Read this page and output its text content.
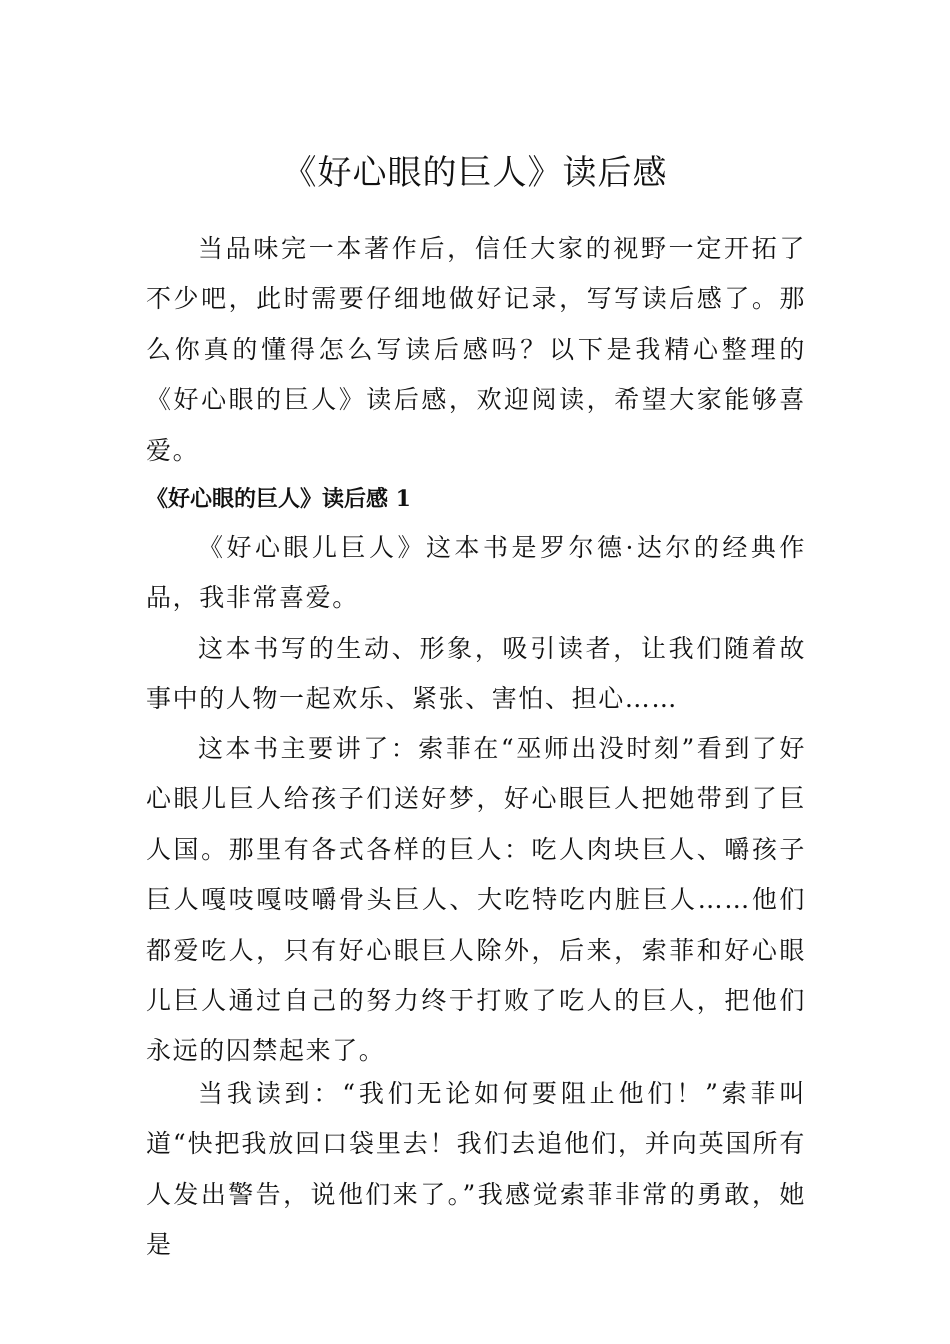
《好心眼的巨人》读后感

当品味完一本著作后，信任大家的视野一定开拓了不少吧，此时需要仔细地做好记录，写写读后感了。那么你真的懂得怎么写读后感吗？以下是我精心整理的《好心眼的巨人》读后感，欢迎阅读，希望大家能够喜爱。

《好心眼的巨人》读后感 1

《好心眼儿巨人》这本书是罗尔德·达尔的经典作品，我非常喜爱。

这本书写的生动、形象，吸引读者，让我们随着故事中的人物一起欢乐、紧张、害怕、担心……

这本书主要讲了：索菲在“巫师出没时刻”看到了好心眼儿巨人给孩子们送好梦，好心眼巨人把她带到了巨人国。那里有各式各样的巨人：吃人肉块巨人、嚼孩子巨人嘎吱嘎吱嚼骨头巨人、大吃特吃内脏巨人……他们都爱吃人，只有好心眼巨人除外，后来，索菲和好心眼儿巨人通过自己的努力终于打败了吃人的巨人，把他们永远的囚禁起来了。

当我读到：“我们无论如何要阻止他们！”索菲叫道“快把我放回口袋里去！我们去追他们，并向英国所有人发出警告，说他们来了。”我感觉索菲非常的勇敢，她是
